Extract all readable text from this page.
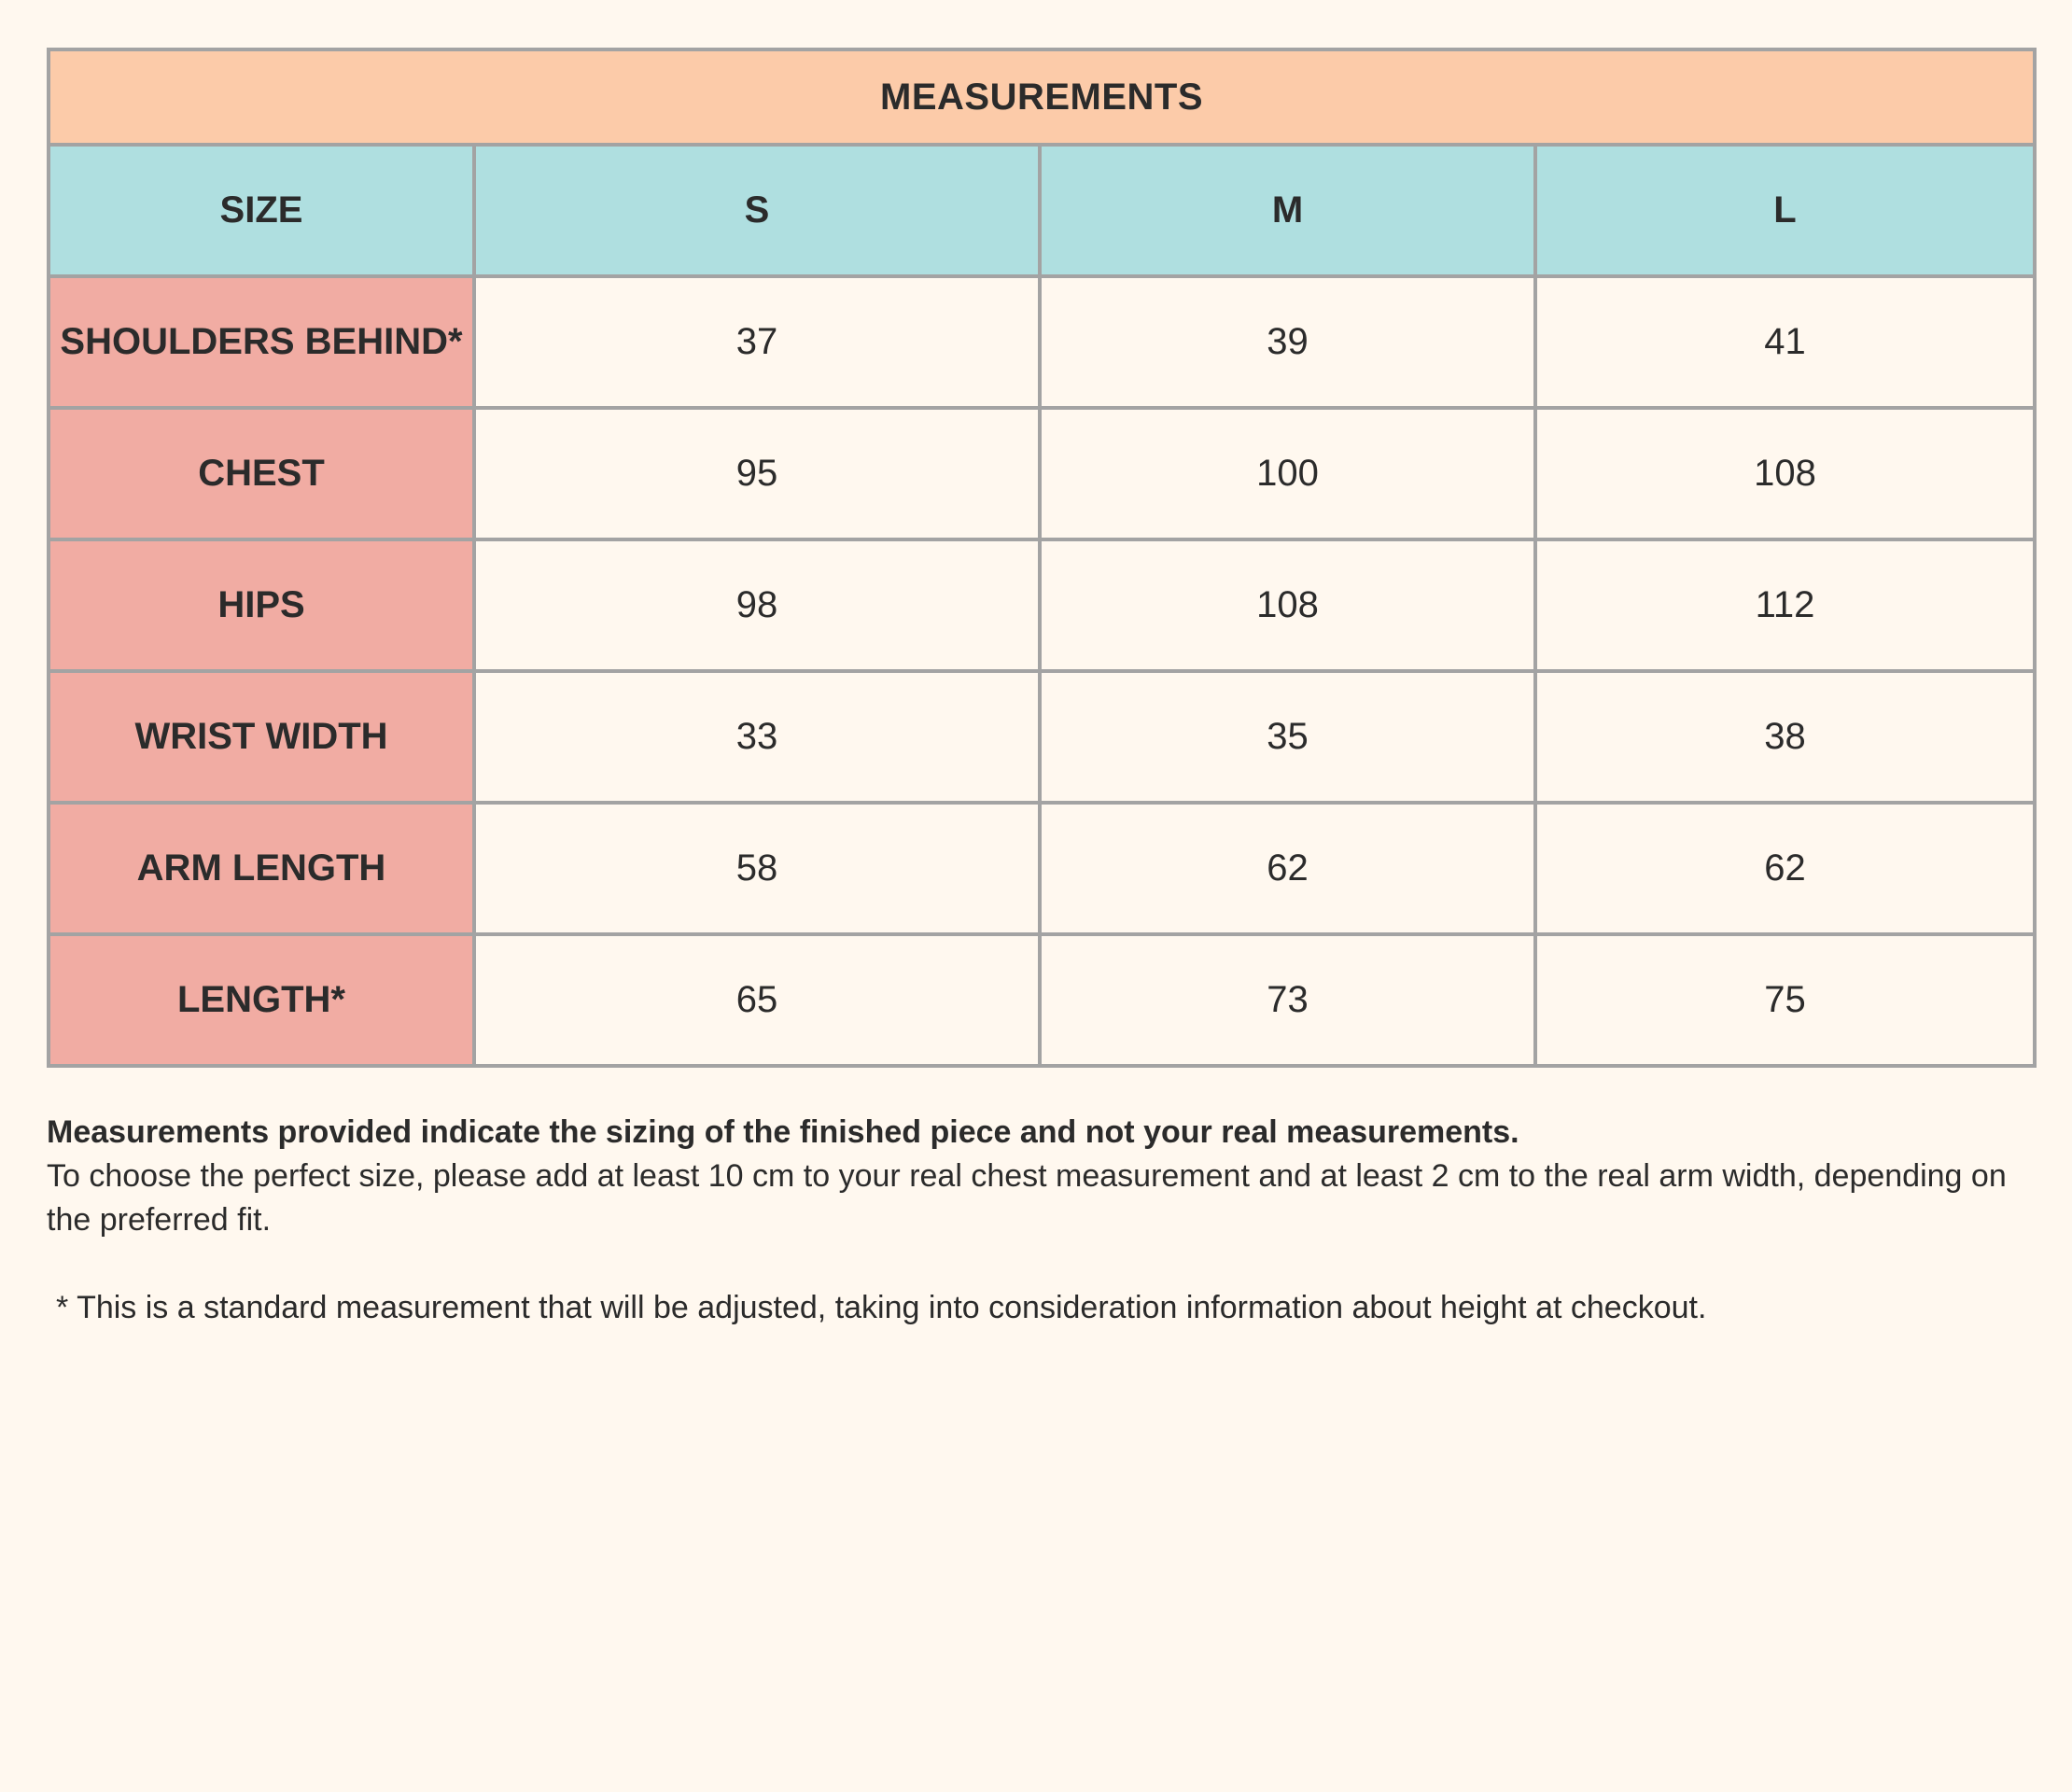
MEASUREMENTS			
SIZE	S	M	L
SHOULDERS BEHIND*	37	39	41
CHEST	95	100	108
HIPS	98	108	112
WRIST WIDTH	33	35	38
ARM LENGTH	58	62	62
LENGTH*	65	73	75
Measurements provided indicate the sizing of the finished piece and not your real measurements.
To choose the perfect size, please add at least 10 cm to your real chest measurement and at least 2 cm to the real arm width, depending on the preferred fit.
* This is a standard measurement that will be adjusted, taking into consideration information about height at checkout.
